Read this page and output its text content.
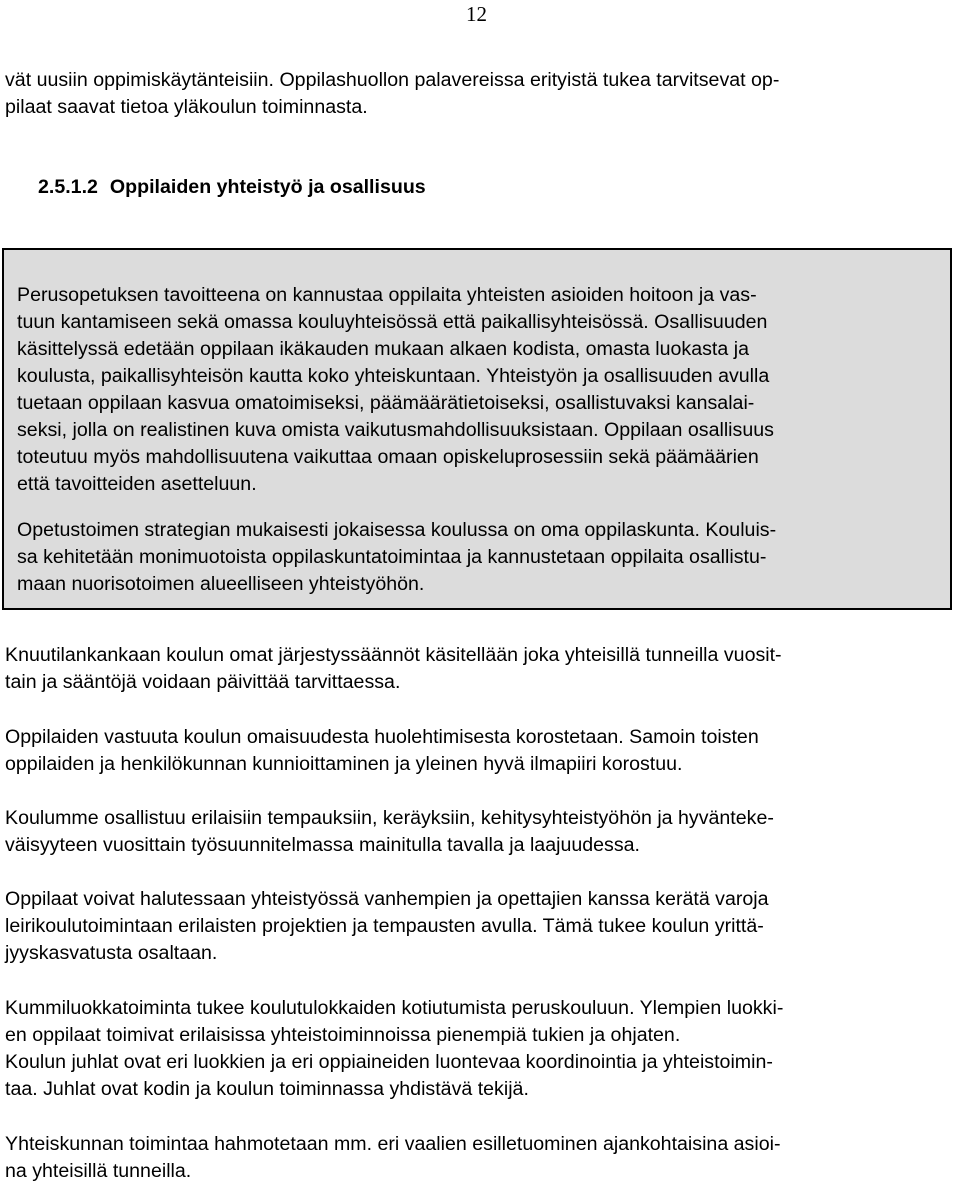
12
vät uusiin oppimiskäytänteisiin. Oppilashuollon palavereissa erityistä tukea tarvitsevat op-
pilaat saavat tietoa yläkoulun toiminnasta.
2.5.1.2 Oppilaiden yhteistyö ja osallisuus
Perusopetuksen tavoitteena on kannustaa oppilaita yhteisten asioiden hoitoon ja vas-
tuun kantamiseen sekä omassa kouluyhteisössä että paikallisyhteisössä. Osallisuuden
käsittelyssä edetään oppilaan ikäkauden mukaan alkaen kodista, omasta luokasta ja
koulusta, paikallisyhteisön kautta koko yhteiskuntaan. Yhteistyön ja osallisuuden avulla
tuetaan oppilaan kasvua omatoimiseksi, päämäärätietoiseksi, osallistuvaksi kansalai-
seksi, jolla on realistinen kuva omista vaikutusmahdollisuuksistaan. Oppilaan osallisuus
toteutuu myös mahdollisuutena vaikuttaa omaan opiskeluprosessiin sekä päämäärien
että tavoitteiden asetteluun.
Opetustoimen strategian mukaisesti jokaisessa koulussa on oma oppilaskunta. Kouluis-
sa kehitetään monimuotoista oppilaskuntatoimintaa ja kannustetaan oppilaita osallistu-
maan nuorisotoimen alueelliseen yhteistyöhön.
Knuutilankankaan koulun omat järjestyssäännöt käsitellään joka yhteisillä tunneilla vuosit-
tain ja sääntöjä voidaan päivittää tarvittaessa.
Oppilaiden vastuuta koulun omaisuudesta huolehtimisesta korostetaan. Samoin toisten
oppilaiden ja henkilökunnan kunnioittaminen ja yleinen hyvä ilmapiiri korostuu.
Koulumme osallistuu erilaisiin tempauksiin, keräyksiin, kehitysyhteistyöhön ja hyväntekе-
väisyyteen vuosittain työsuunnitelmassa mainitulla tavalla ja laajuudessa.
Oppilaat voivat halutessaan yhteistyössä vanhempien ja opettajien kanssa kerätä varoja
leirikoulutoimintaan erilaisten projektien ja tempausten avulla. Tämä tukee koulun yrittä-
jyyskasvatusta osaltaan.
Kummiluokkatoiminta tukee koulutulokkaiden kotiutumista peruskouluun. Ylempien luokki-
en oppilaat toimivat erilaisissa yhteistoiminnoissa pienempiä tukien ja ohjaten.
Koulun juhlat ovat eri luokkien ja eri oppiaineiden luontevaa koordinointia ja yhteistoimin-
taa. Juhlat ovat kodin ja koulun toiminnassa yhdistävä tekijä.
Yhteiskunnan toimintaa hahmotetaan mm. eri vaalien esilletuominen ajankohtaisina asioi-
na yhteisillä tunneilla.
